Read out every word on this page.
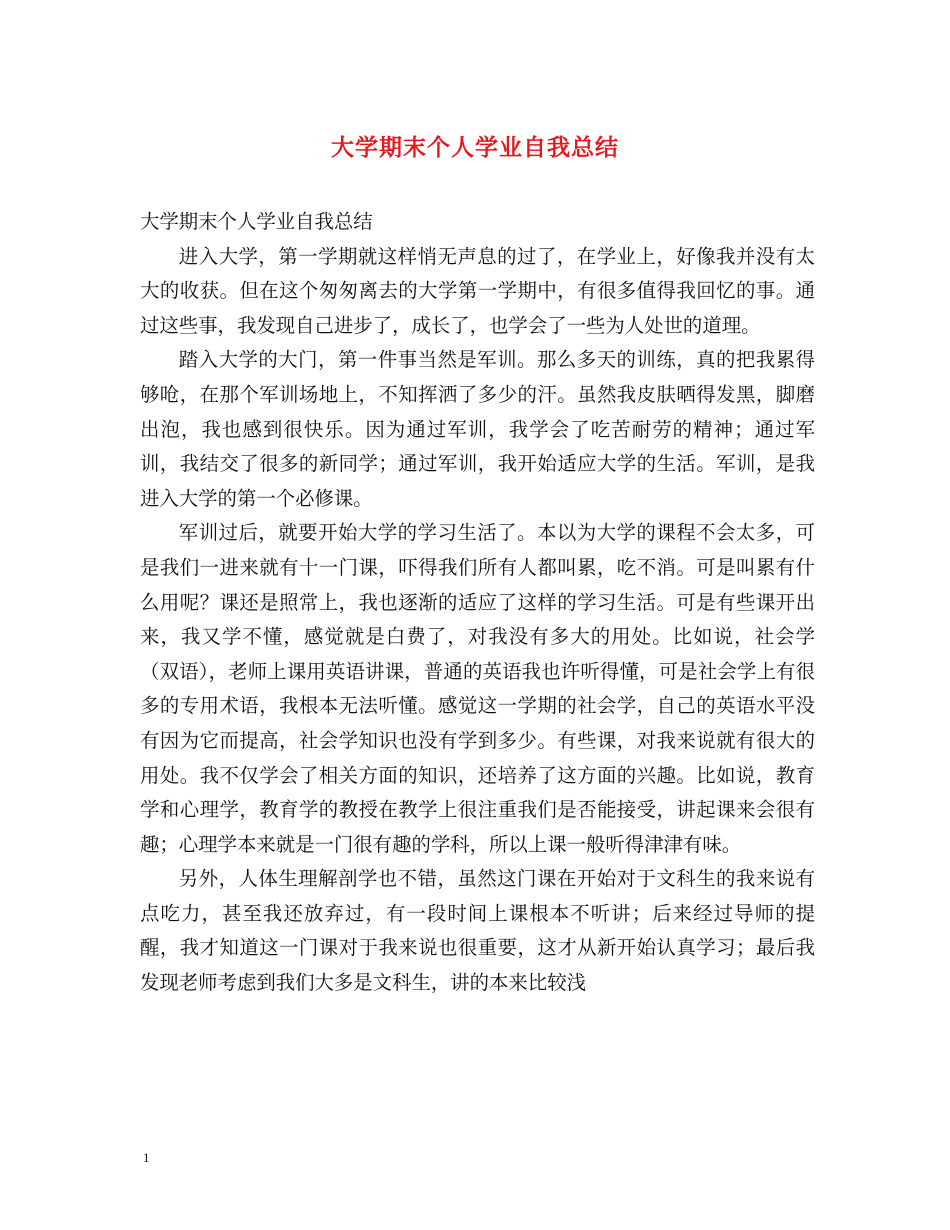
大学期末个人学业自我总结

大学期末个人学业自我总结

进入大学，第一学期就这样悄无声息的过了，在学业上，好像我并没有太大的收获。但在这个匆匆离去的大学第一学期中，有很多值得我回忆的事。通过这些事，我发现自己进步了，成长了，也学会了一些为人处世的道理。

踏入大学的大门，第一件事当然是军训。那么多天的训练，真的把我累得够呛，在那个军训场地上，不知挥洒了多少的汗。虽然我皮肤晒得发黑，脚磨出泡，我也感到很快乐。因为通过军训，我学会了吃苦耐劳的精神；通过军训，我结交了很多的新同学；通过军训，我开始适应大学的生活。军训，是我进入大学的第一个必修课。

军训过后，就要开始大学的学习生活了。本以为大学的课程不会太多，可是我们一进来就有十一门课，吓得我们所有人都叫累，吃不消。可是叫累有什么用呢？课还是照常上，我也逐渐的适应了这样的学习生活。可是有些课开出来，我又学不懂，感觉就是白费了，对我没有多大的用处。比如说，社会学（双语），老师上课用英语讲课，普通的英语我也许听得懂，可是社会学上有很多的专用术语，我根本无法听懂。感觉这一学期的社会学，自己的英语水平没有因为它而提高，社会学知识也没有学到多少。有些课，对我来说就有很大的用处。我不仅学会了相关方面的知识，还培养了这方面的兴趣。比如说，教育学和心理学，教育学的教授在教学上很注重我们是否能接受，讲起课来会很有趣；心理学本来就是一门很有趣的学科，所以上课一般听得津津有味。

另外，人体生理解剖学也不错，虽然这门课在开始对于文科生的我来说有点吃力，甚至我还放弃过，有一段时间上课根本不听讲；后来经过导师的提醒，我才知道这一门课对于我来说也很重要，这才从新开始认真学习；最后我发现老师考虑到我们大多是文科生，讲的本来比较浅

1
